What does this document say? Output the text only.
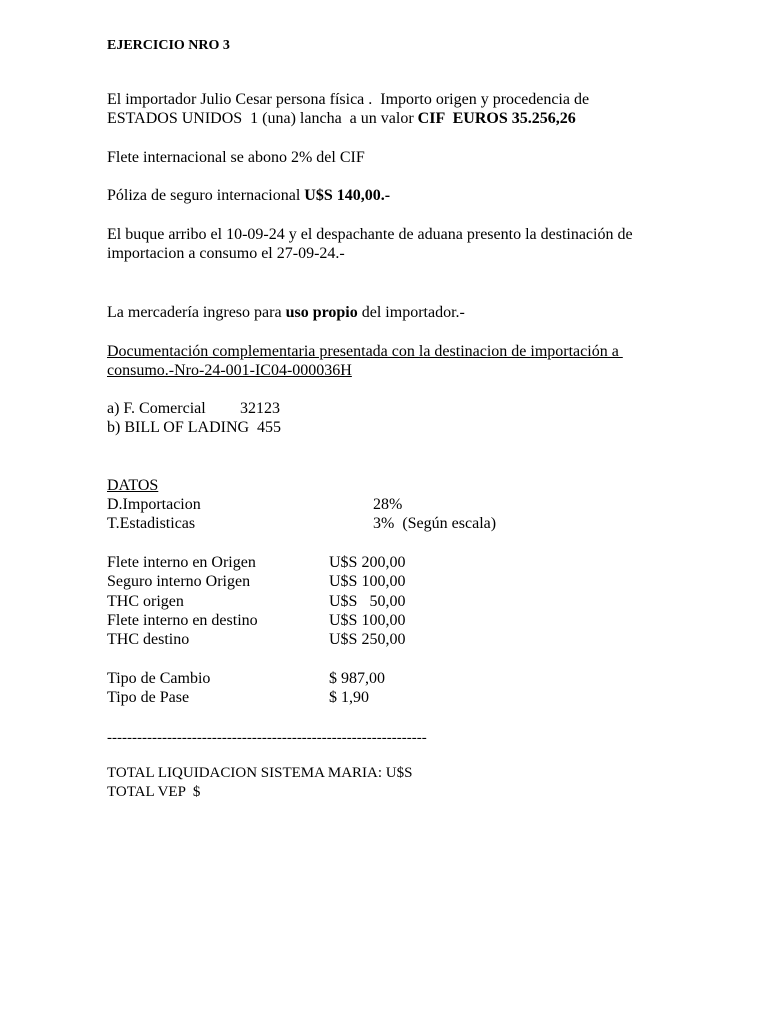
EJERCICIO NRO 3
El importador Julio Cesar persona física .  Importo origen y procedencia de
ESTADOS UNIDOS  1 (una) lancha  a un valor CIF  EUROS 35.256,26
Flete internacional se abono 2% del CIF
Póliza de seguro internacional U$S 140,00.-
El buque arribo el 10-09-24 y el despachante de aduana presento la destinación de
importacion a consumo el 27-09-24.-
La mercadería ingreso para uso propio del importador.-
Documentación complementaria presentada con la destinacion de importación a
consumo.-Nro-24-001-IC04-000036H
a) F. Comercial 32123
b) BILL OF LADING  455
DATOS
D.Importacion	28%
T.Estadisticas	3%  (Según escala)
Flete interno en Origen	U$S 200,00
Seguro interno Origen	U$S 100,00
THC origen	U$S   50,00
Flete interno en destino	U$S 100,00
THC destino	U$S 250,00
Tipo de Cambio	$ 987,00
Tipo de Pase	$ 1,90
----------------------------------------------------------------
TOTAL LIQUIDACION SISTEMA MARIA: U$S
TOTAL VEP  $
